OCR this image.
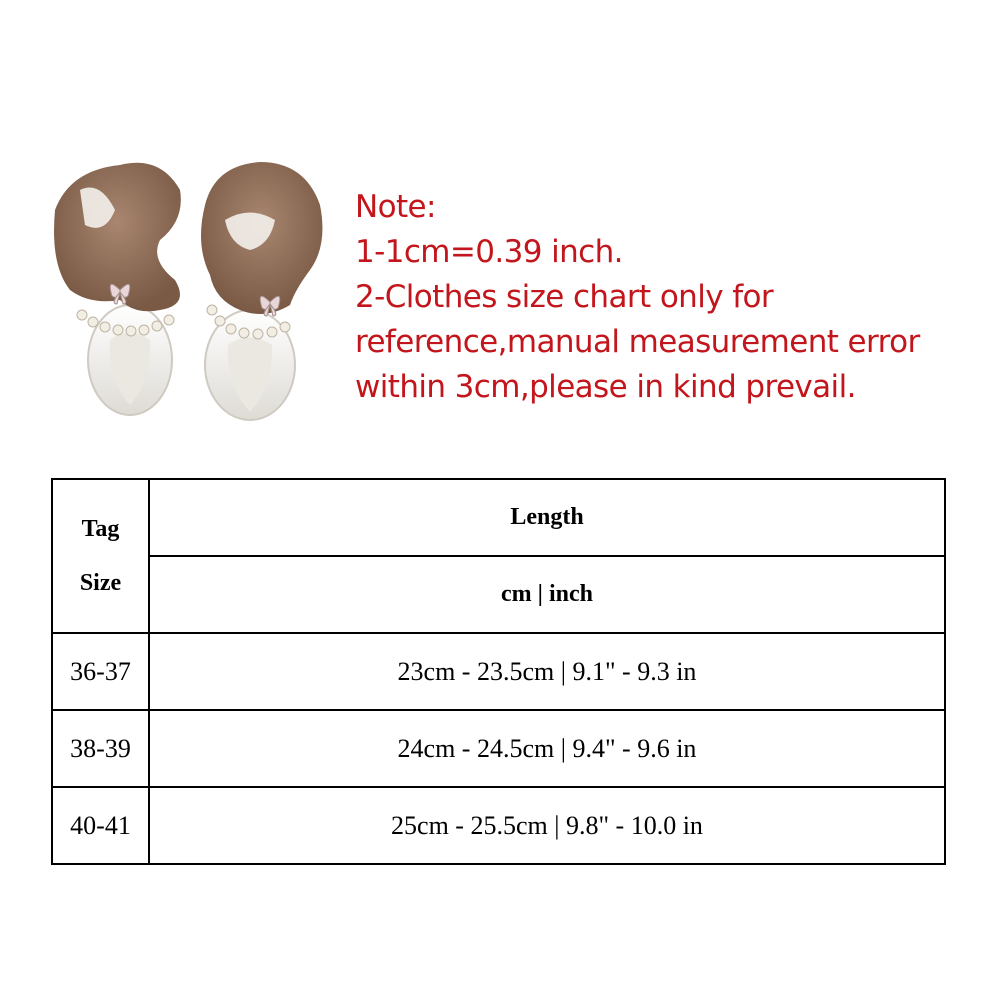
Note:
1-1cm=0.39 inch.
2-Clothes size chart only for
reference,manual measurement error
within 3cm,please in kind prevail.
Tag
Size	Length
	cm | inch
36-37	23cm - 23.5cm | 9.1" - 9.3 in
38-39	24cm - 24.5cm | 9.4" - 9.6 in
40-41	25cm - 25.5cm | 9.8" - 10.0 in
